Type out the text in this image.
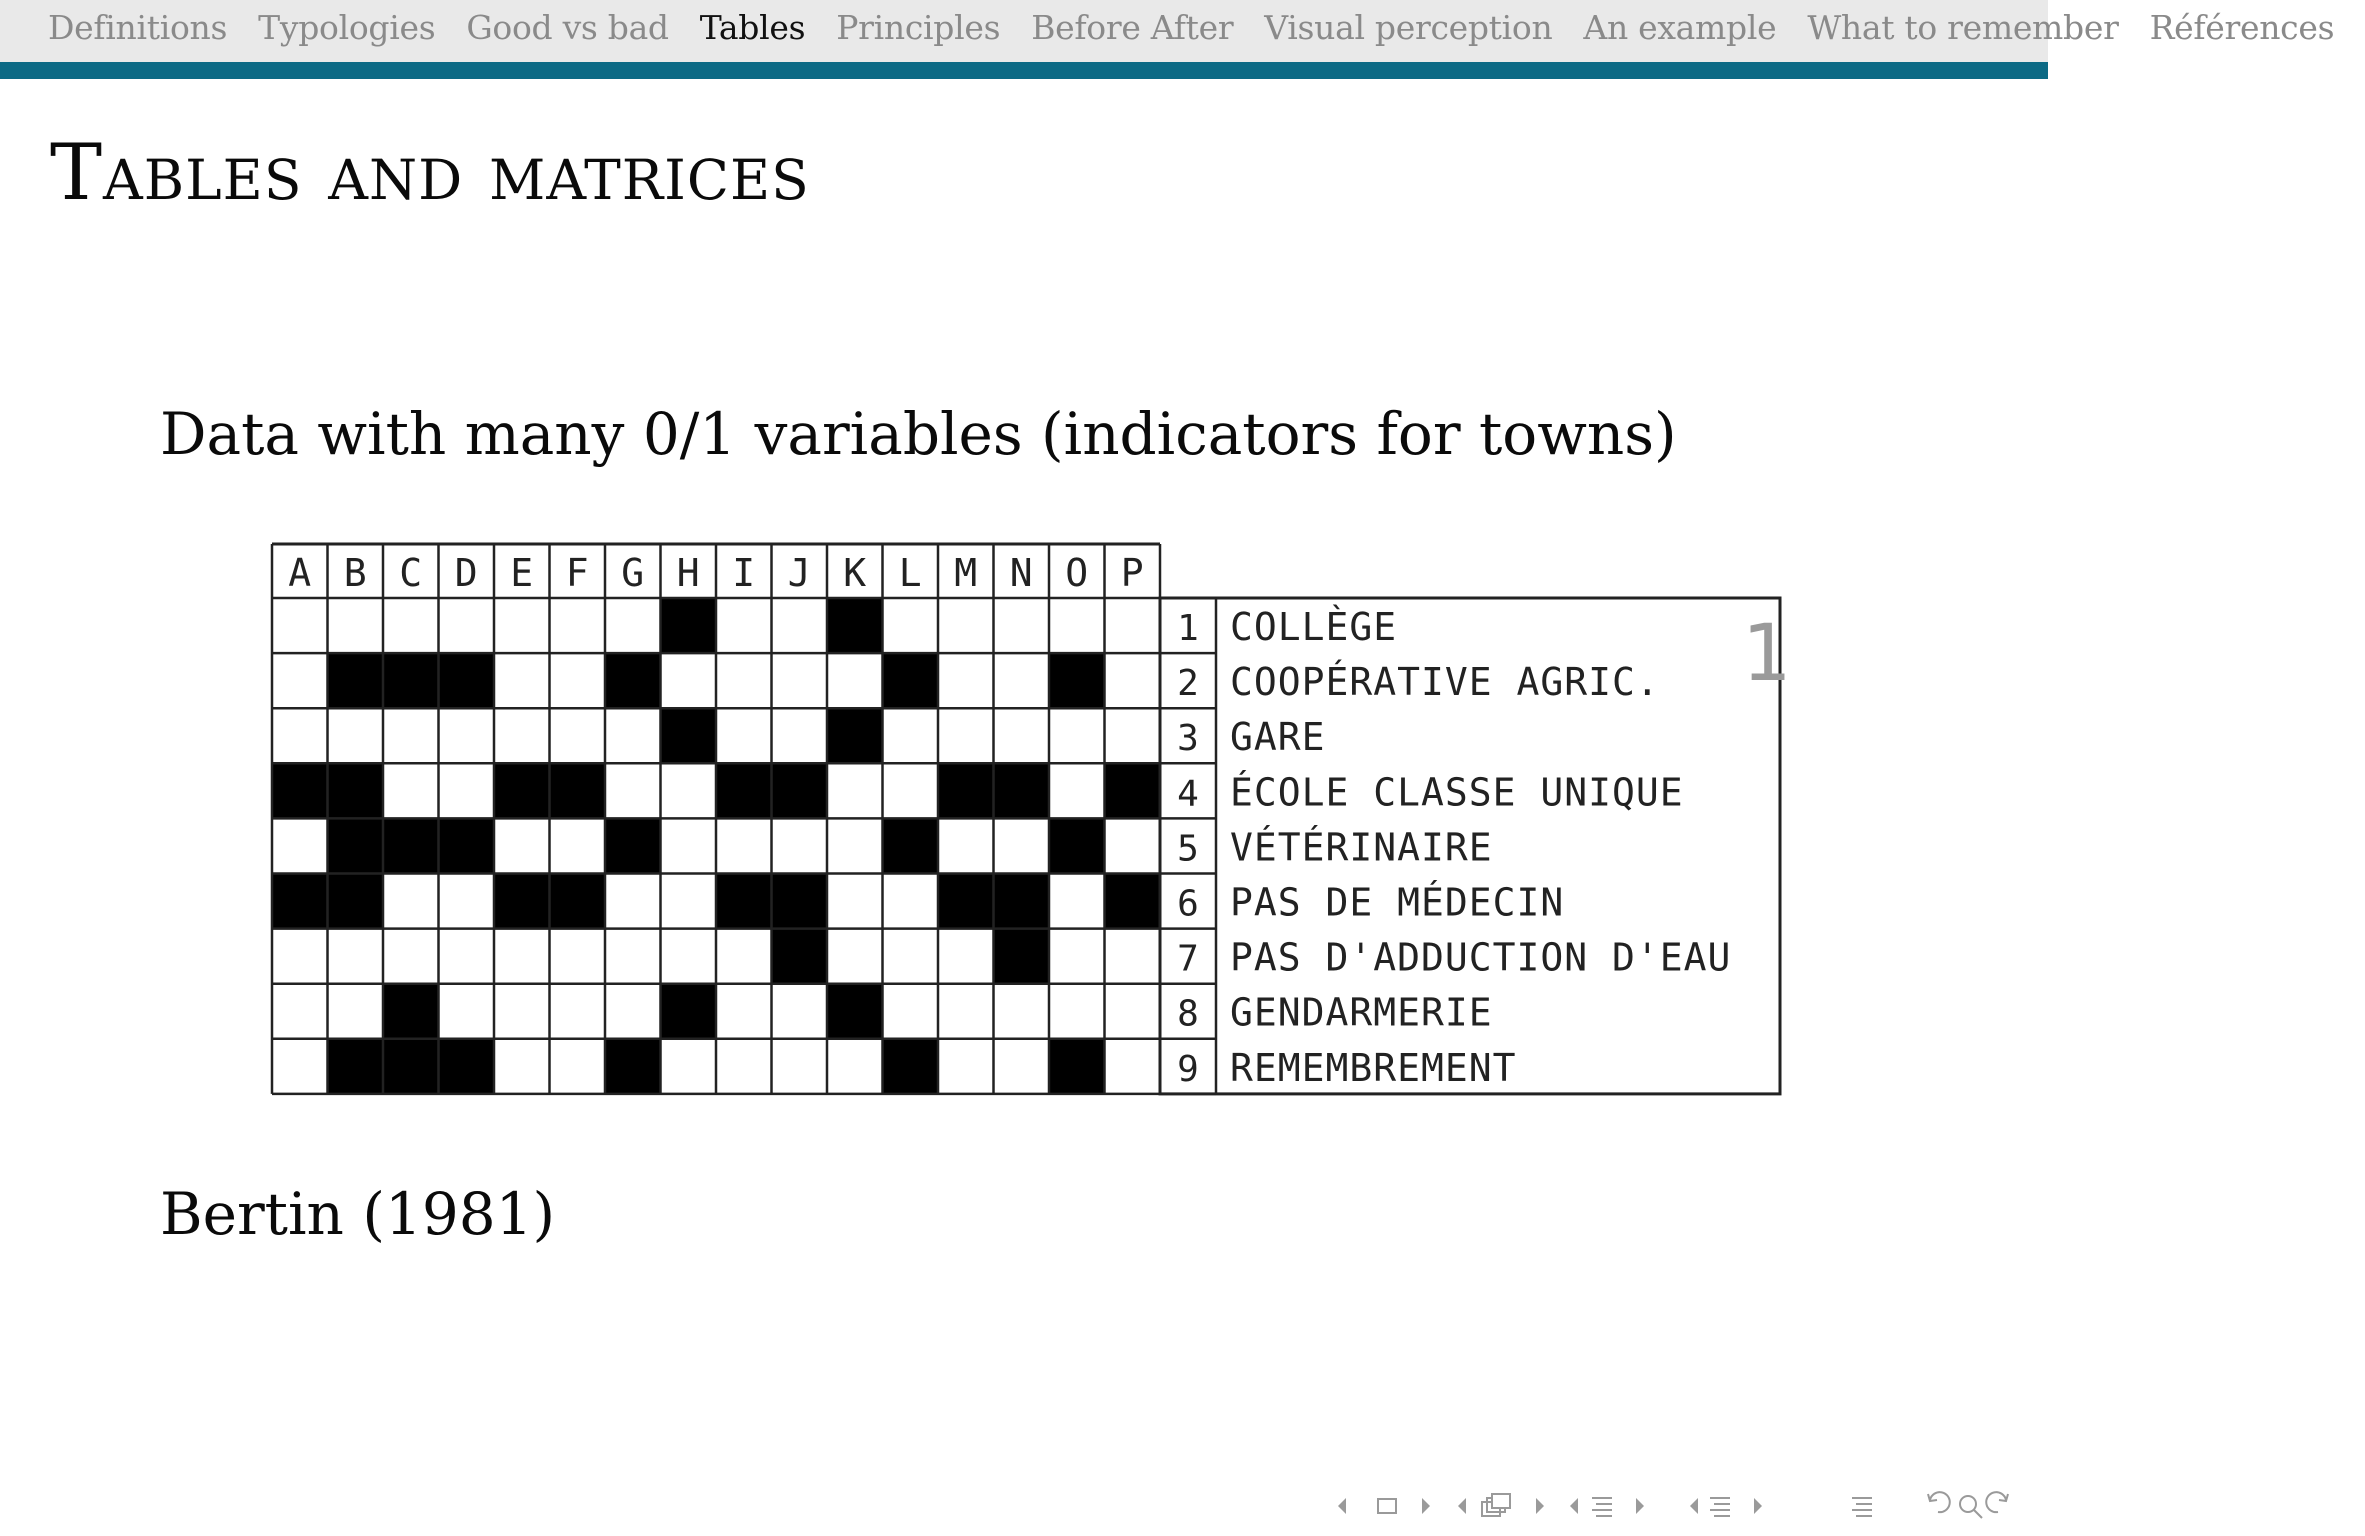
Definitions Typologies Good vs bad Tables Principles Before After Visual perception An example What to remember Références
Tables and matrices
Data with many 0/1 variables (indicators for towns)
A B C D E F G H I J K L M N O P
1 COLLÈGE
2 COOPÉRATIVE AGRIC.
3 GARE
4 ÉCOLE CLASSE UNIQUE
5 VÉTÉRINAIRE
6 PAS DE MÉDECIN
7 PAS D'ADDUCTION D'EAU
8 GENDARMERIE
9 REMEMBREMENT
1
Bertin (1981)
